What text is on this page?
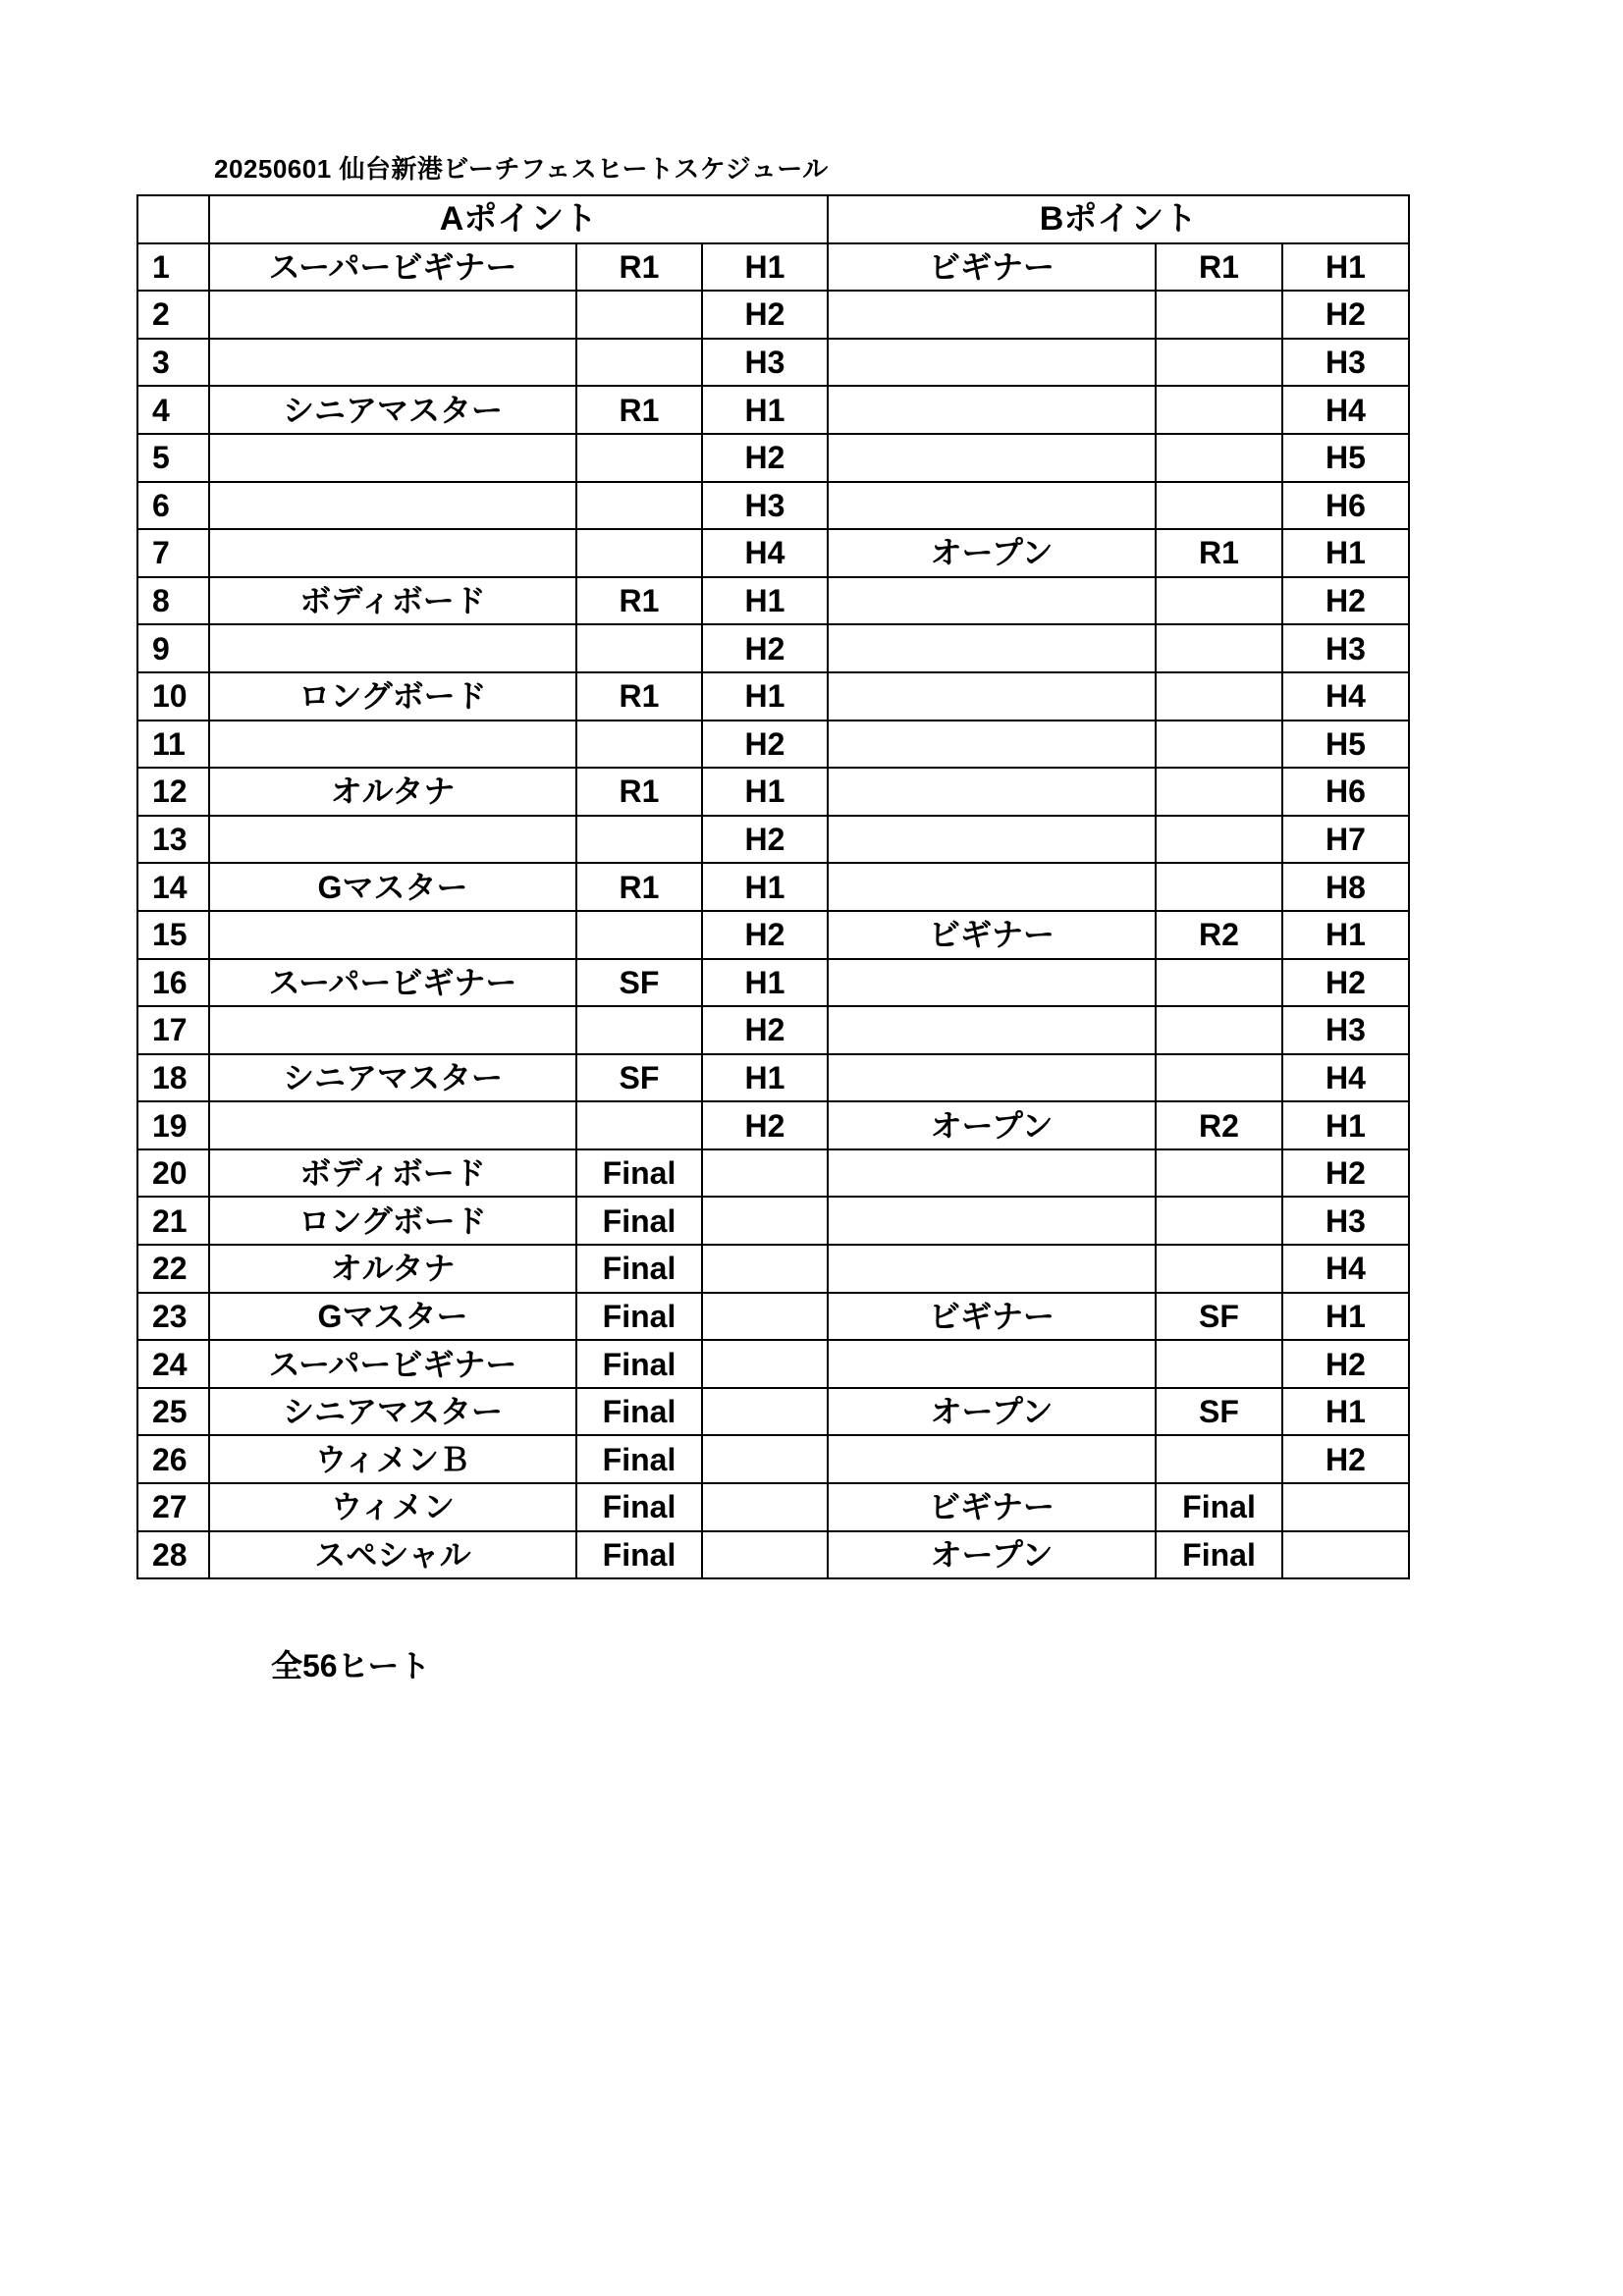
20250601 仙台新港ビーチフェスヒートスケジュール
	Aポイント			Bポイント		
1	スーパービギナー	R1	H1	ビギナー	R1	H1
2			H2			H2
3			H3			H3
4	シニアマスター	R1	H1			H4
5			H2			H5
6			H3			H6
7			H4	オープン	R1	H1
8	ボディボード	R1	H1			H2
9			H2			H3
10	ロングボード	R1	H1			H4
11			H2			H5
12	オルタナ	R1	H1			H6
13			H2			H7
14	Gマスター	R1	H1			H8
15			H2	ビギナー	R2	H1
16	スーパービギナー	SF	H1			H2
17			H2			H3
18	シニアマスター	SF	H1			H4
19			H2	オープン	R2	H1
20	ボディボード	Final				H2
21	ロングボード	Final				H3
22	オルタナ	Final				H4
23	Gマスター	Final		ビギナー	SF	H1
24	スーパービギナー	Final				H2
25	シニアマスター	Final		オープン	SF	H1
26	ウィメンＢ	Final				H2
27	ウィメン	Final		ビギナー	Final	
28	スペシャル	Final		オープン	Final	
全56ヒート
